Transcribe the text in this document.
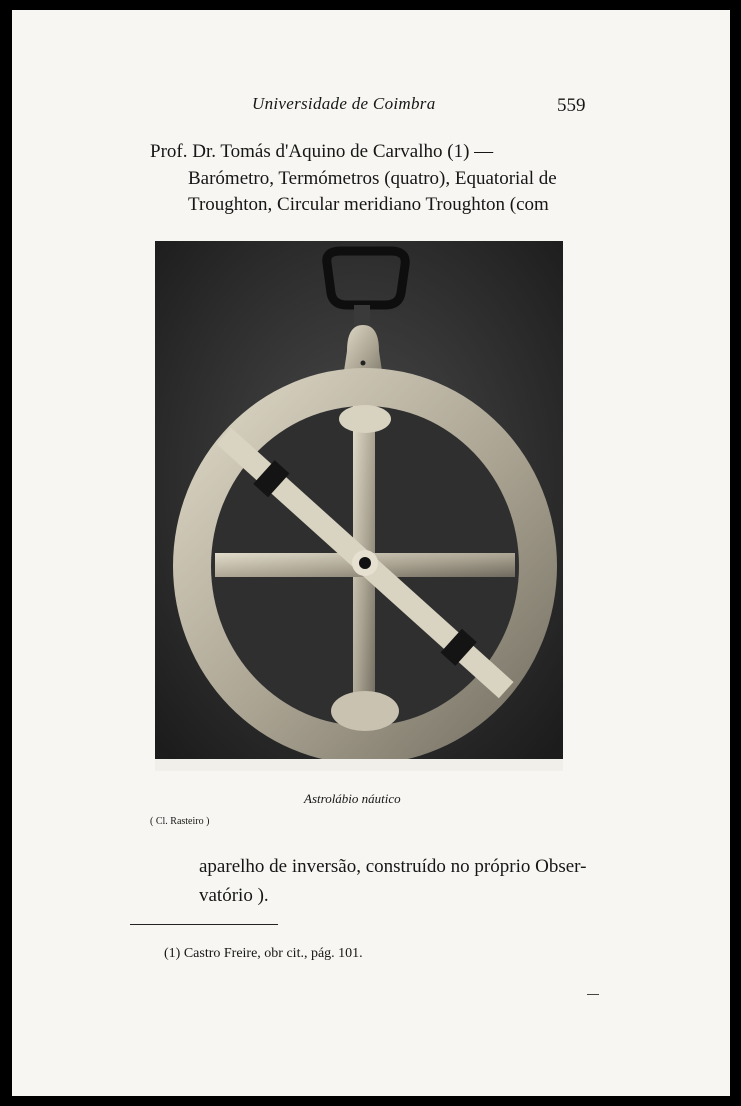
Universidade de Coimbra	559
Prof. Dr. Tomás d'Aquino de Carvalho (1) —
Barómetro, Termómetros (quatro), Equatorial de
Troughton, Circular meridiano Troughton (com
Astrolábio náutico
( Cl. Rasteiro )
aparelho de inversão, construído no próprio Obser-
vatório ).
(1) Castro Freire, obr cit., pág. 101.
